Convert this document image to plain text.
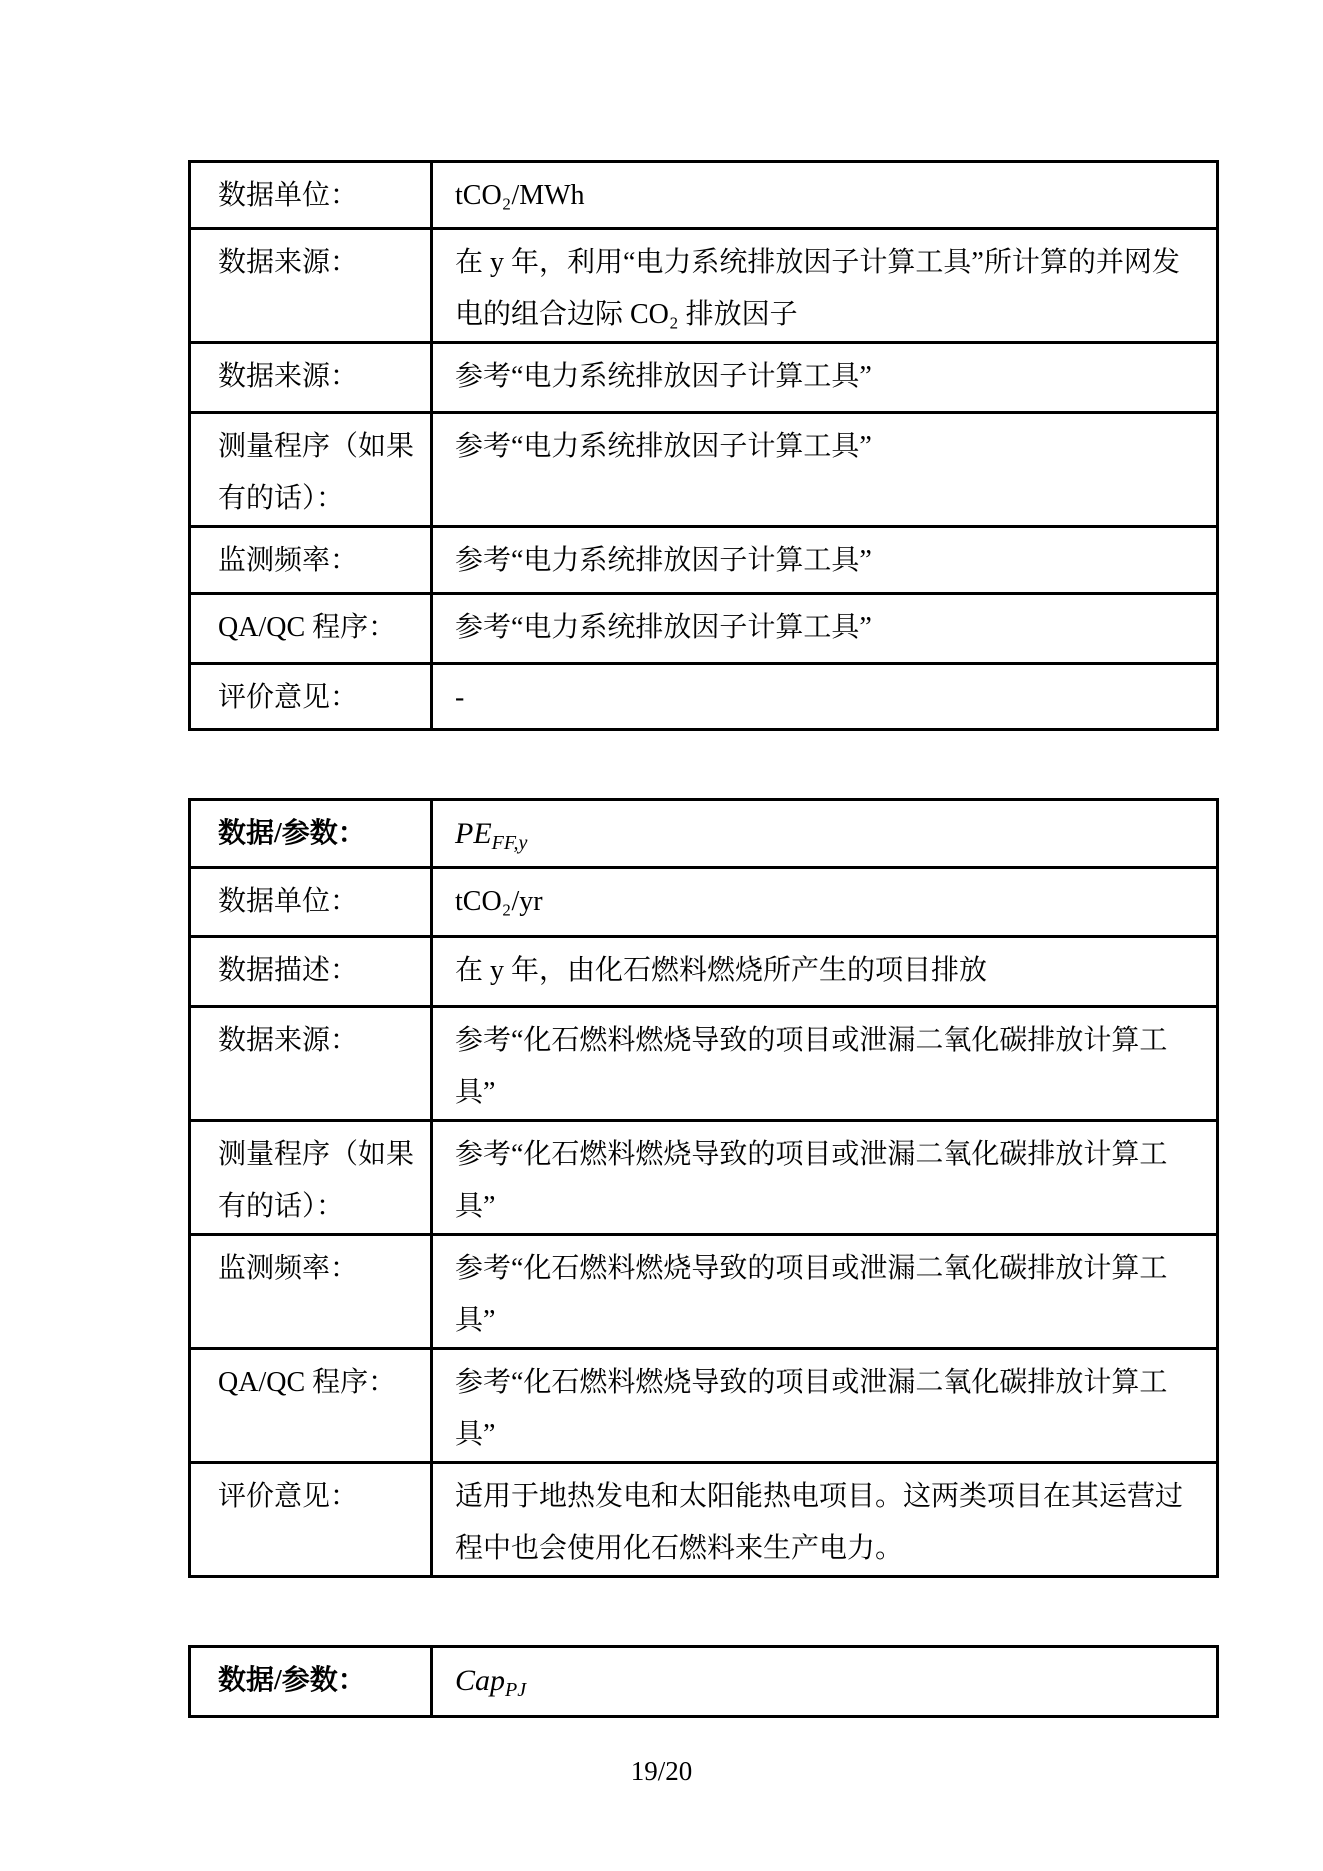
数据单位：	tCO₂/MWh
数据来源：	在 y 年，利用“电力系统排放因子计算工具”所计算的并网发电的组合边际 CO₂ 排放因子
数据来源：	参考“电力系统排放因子计算工具”
测量程序（如果有的话）：	参考“电力系统排放因子计算工具”
监测频率：	参考“电力系统排放因子计算工具”
QA/QC 程序：	参考“电力系统排放因子计算工具”
评价意见：	-
数据/参数：	$PE_{FF,y}$
数据单位：	tCO₂/yr
数据描述：	在 y 年，由化石燃料燃烧所产生的项目排放
数据来源：	参考“化石燃料燃烧导致的项目或泄漏二氧化碳排放计算工具”
测量程序（如果有的话）：	参考“化石燃料燃烧导致的项目或泄漏二氧化碳排放计算工具”
监测频率：	参考“化石燃料燃烧导致的项目或泄漏二氧化碳排放计算工具”
QA/QC 程序：	参考“化石燃料燃烧导致的项目或泄漏二氧化碳排放计算工具”
评价意见：	适用于地热发电和太阳能热电项目。这两类项目在其运营过程中也会使用化石燃料来生产电力。
数据/参数：	Cap$_{PJ}$
19/20
